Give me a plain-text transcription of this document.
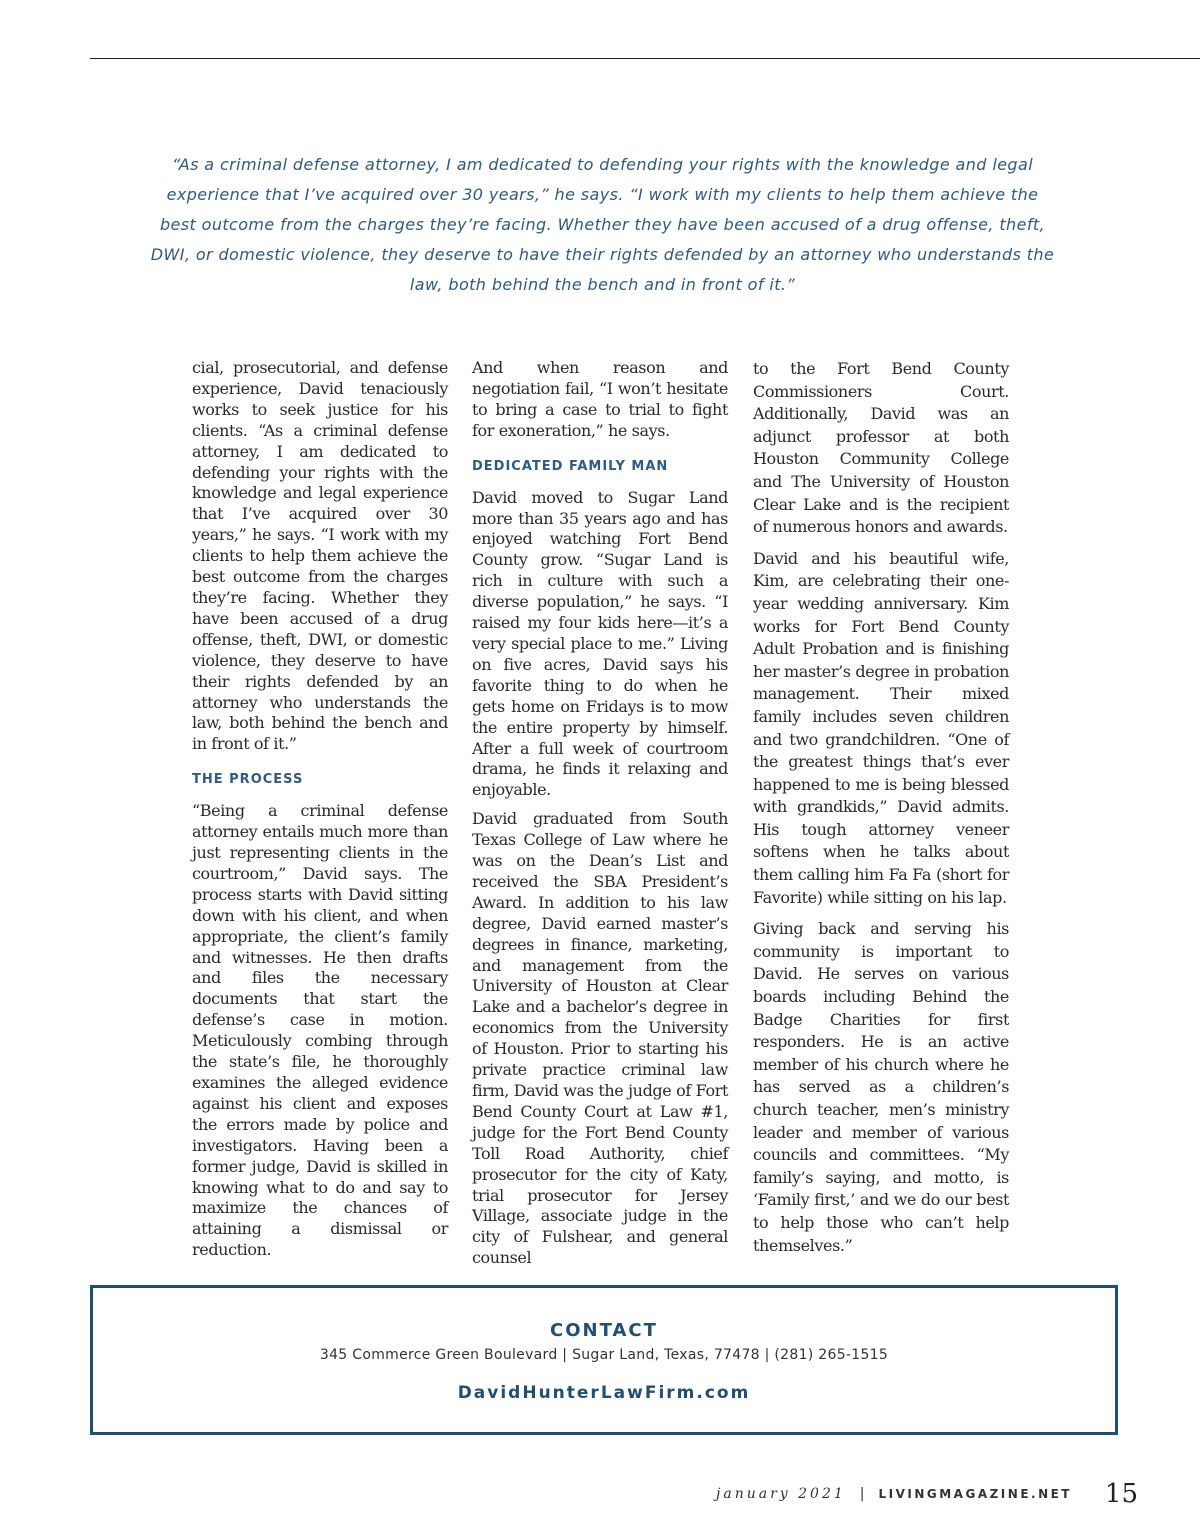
“As a criminal defense attorney, I am dedicated to defending your rights with the knowledge and legal experience that I’ve acquired over 30 years,” he says. “I work with my clients to help them achieve the best outcome from the charges they’re facing. Whether they have been accused of a drug offense, theft, DWI, or domestic violence, they deserve to have their rights defended by an attorney who understands the law, both behind the bench and in front of it.”

cial, prosecutorial, and defense experience, David tenaciously works to seek justice for his clients. “As a criminal defense attorney, I am dedicated to defending your rights with the knowledge and legal experience that I’ve acquired over 30 years,” he says. “I work with my clients to help them achieve the best outcome from the charges they’re facing. Whether they have been accused of a drug offense, theft, DWI, or domestic violence, they deserve to have their rights defended by an attorney who understands the law, both behind the bench and in front of it.”

THE PROCESS

“Being a criminal defense attorney entails much more than just representing clients in the courtroom,” David says. The process starts with David sitting down with his client, and when appropriate, the client’s family and witnesses. He then drafts and files the necessary documents that start the defense’s case in motion. Meticulously combing through the state’s file, he thoroughly examines the alleged evidence against his client and exposes the errors made by police and investigators. Having been a former judge, David is skilled in knowing what to do and say to maximize the chances of attaining a dismissal or reduction.

And when reason and negotiation fail, “I won’t hesitate to bring a case to trial to fight for exoneration,” he says.

DEDICATED FAMILY MAN

David moved to Sugar Land more than 35 years ago and has enjoyed watching Fort Bend County grow. “Sugar Land is rich in culture with such a diverse population,” he says. “I raised my four kids here—it’s a very special place to me.” Living on five acres, David says his favorite thing to do when he gets home on Fridays is to mow the entire property by himself. After a full week of courtroom drama, he finds it relaxing and enjoyable.

David graduated from South Texas College of Law where he was on the Dean’s List and received the SBA President’s Award. In addition to his law degree, David earned master’s degrees in finance, marketing, and management from the University of Houston at Clear Lake and a bachelor’s degree in economics from the University of Houston. Prior to starting his private practice criminal law firm, David was the judge of Fort Bend County Court at Law #1, judge for the Fort Bend County Toll Road Authority, chief prosecutor for the city of Katy, trial prosecutor for Jersey Village, associate judge in the city of Fulshear, and general counsel

to the Fort Bend County Commissioners Court. Additionally, David was an adjunct professor at both Houston Community College and The University of Houston Clear Lake and is the recipient of numerous honors and awards.

David and his beautiful wife, Kim, are celebrating their one-year wedding anniversary. Kim works for Fort Bend County Adult Probation and is finishing her master’s degree in probation management. Their mixed family includes seven children and two grandchildren. “One of the greatest things that’s ever happened to me is being blessed with grandkids,” David admits. His tough attorney veneer softens when he talks about them calling him Fa Fa (short for Favorite) while sitting on his lap.

Giving back and serving his community is important to David. He serves on various boards including Behind the Badge Charities for first responders. He is an active member of his church where he has served as a children’s church teacher, men’s ministry leader and member of various councils and committees. “My family’s saying, and motto, is ‘Family first,’ and we do our best to help those who can’t help themselves.”

CONTACT
345 Commerce Green Boulevard | Sugar Land, Texas, 77478 | (281) 265-1515
DavidHunterLawFirm.com
january 2021 | LIVINGMAGAZINE.NET 15
